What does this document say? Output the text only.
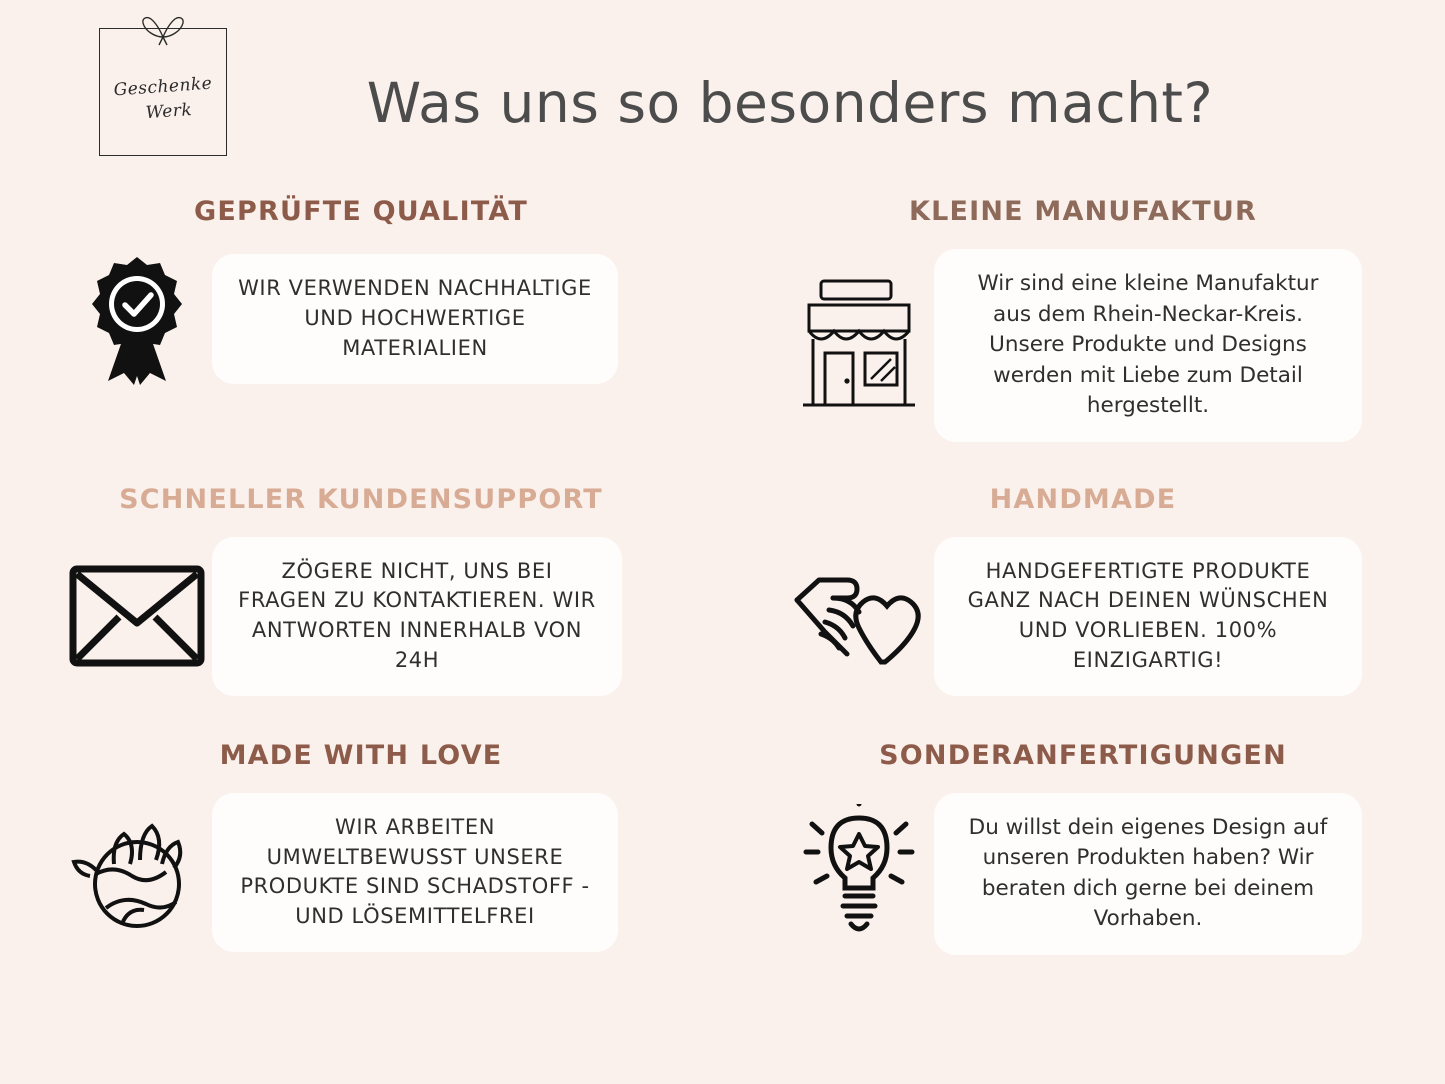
Geschenke
Werk	Was uns so besonders macht?
GEPRÜFTE QUALITÄT
WIR VERWENDEN NACHHALTIGE UND HOCHWERTIGE MATERIALIEN
KLEINE MANUFAKTUR
Wir sind eine kleine Manufaktur aus dem Rhein-Neckar-Kreis. Unsere Produkte und Designs werden mit Liebe zum Detail hergestellt.
SCHNELLER KUNDENSUPPORT
ZÖGERE NICHT, UNS BEI FRAGEN ZU KONTAKTIEREN. WIR ANTWORTEN INNERHALB VON 24H
HANDMADE
HANDGEFERTIGTE PRODUKTE GANZ NACH DEINEN WÜNSCHEN UND VORLIEBEN. 100% EINZIGARTIG!
MADE WITH LOVE
WIR ARBEITEN UMWELTBEWUSST UNSERE PRODUKTE SIND SCHADSTOFF - UND LÖSEMITTELFREI
SONDERANFERTIGUNGEN
Du willst dein eigenes Design auf unseren Produkten haben? Wir beraten dich gerne bei deinem Vorhaben.
